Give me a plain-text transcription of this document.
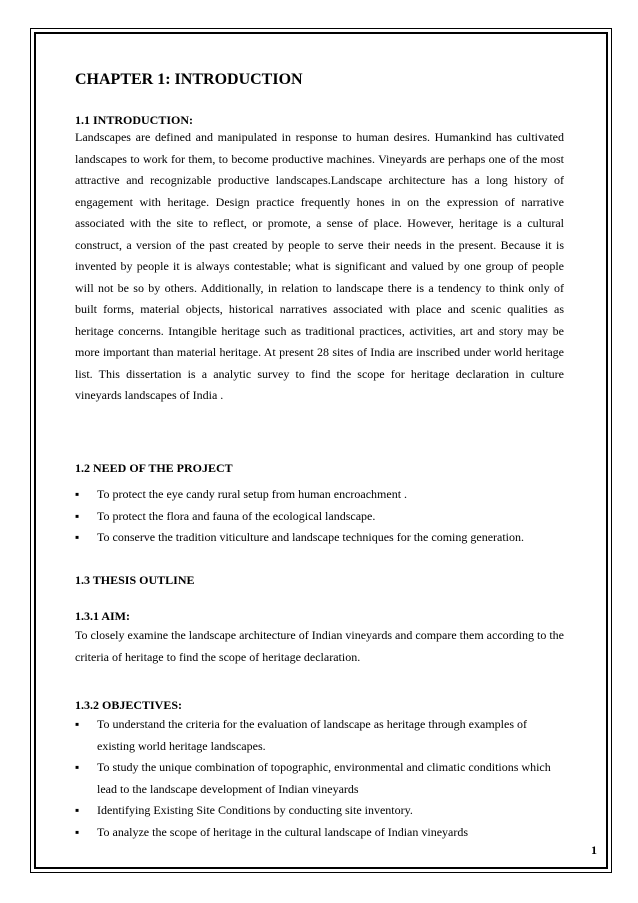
CHAPTER 1: INTRODUCTION
1.1 INTRODUCTION:

Landscapes are defined and manipulated in response to human desires. Humankind has cultivated landscapes to work for them, to become productive machines. Vineyards are perhaps one of the most attractive and recognizable productive landscapes.Landscape architecture has a long history of engagement with heritage. Design practice frequently hones in on the expression of narrative associated with the site to reflect, or promote, a sense of place. However, heritage is a cultural construct, a version of the past created by people to serve their needs in the present. Because it is invented by people it is always contestable; what is significant and valued by one group of people will not be so by others. Additionally, in relation to landscape there is a tendency to think only of built forms, material objects, historical narratives associated with place and scenic qualities as heritage concerns. Intangible heritage such as traditional practices, activities, art and story may be more important than material heritage. At present 28 sites of India are inscribed under world heritage list. This dissertation is a analytic survey to find the scope for heritage declaration in culture vineyards landscapes of India .

1.2 NEED OF THE PROJECT
▪ To protect the eye candy rural setup from human encroachment .
▪ To protect the flora and fauna of the ecological landscape.
▪ To conserve the tradition viticulture and landscape techniques for the coming generation.
1.3 THESIS OUTLINE
1.3.1 AIM:

To closely examine the landscape architecture of Indian vineyards and compare them according to the criteria of heritage to find the scope of heritage declaration.

1.3.2 OBJECTIVES:
▪ To understand the criteria for the evaluation of landscape as heritage through examples of existing world heritage landscapes.
▪ To study the unique combination of topographic, environmental and climatic conditions which lead to the landscape development of Indian vineyards
▪ Identifying Existing Site Conditions by conducting site inventory.
▪ To analyze the scope of heritage in the cultural landscape of Indian vineyards
1
